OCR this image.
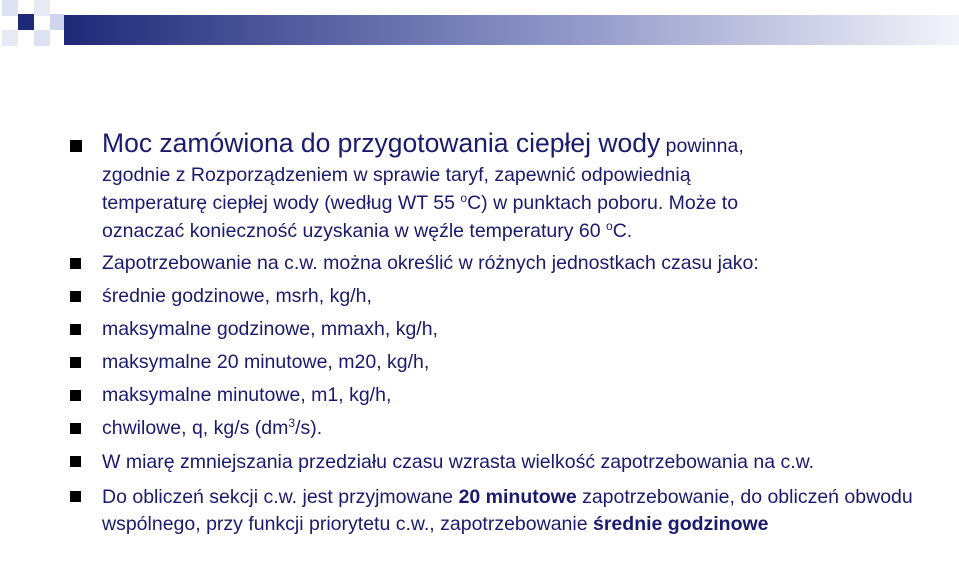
Moc zamówiona do przygotowania ciepłej wody powinna,
zgodnie z Rozporządzeniem w sprawie taryf, zapewnić odpowiednią
temperaturę ciepłej wody (według WT 55 $^o$C) w punktach poboru. Może to
oznaczać konieczność uzyskania w węźle temperatury 60 $^o$C.
Zapotrzebowanie na c.w. można określić w różnych jednostkach czasu jako:
średnie godzinowe, msrh, kg/h,
maksymalne godzinowe, mmaxh, kg/h,
maksymalne 20 minutowe, m20, kg/h,
maksymalne minutowe, m1, kg/h,
chwilowe, q, kg/s $(dm^3/s)$.
W miarę zmniejszania przedziału czasu wzrasta wielkość zapotrzebowania na c.w.
Do obliczeń sekcji c.w. jest przyjmowane 20 minutowe zapotrzebowanie, do obliczeń obwodu wspólnego, przy funkcji priorytetu c.w., zapotrzebowanie średnie godzinowe
